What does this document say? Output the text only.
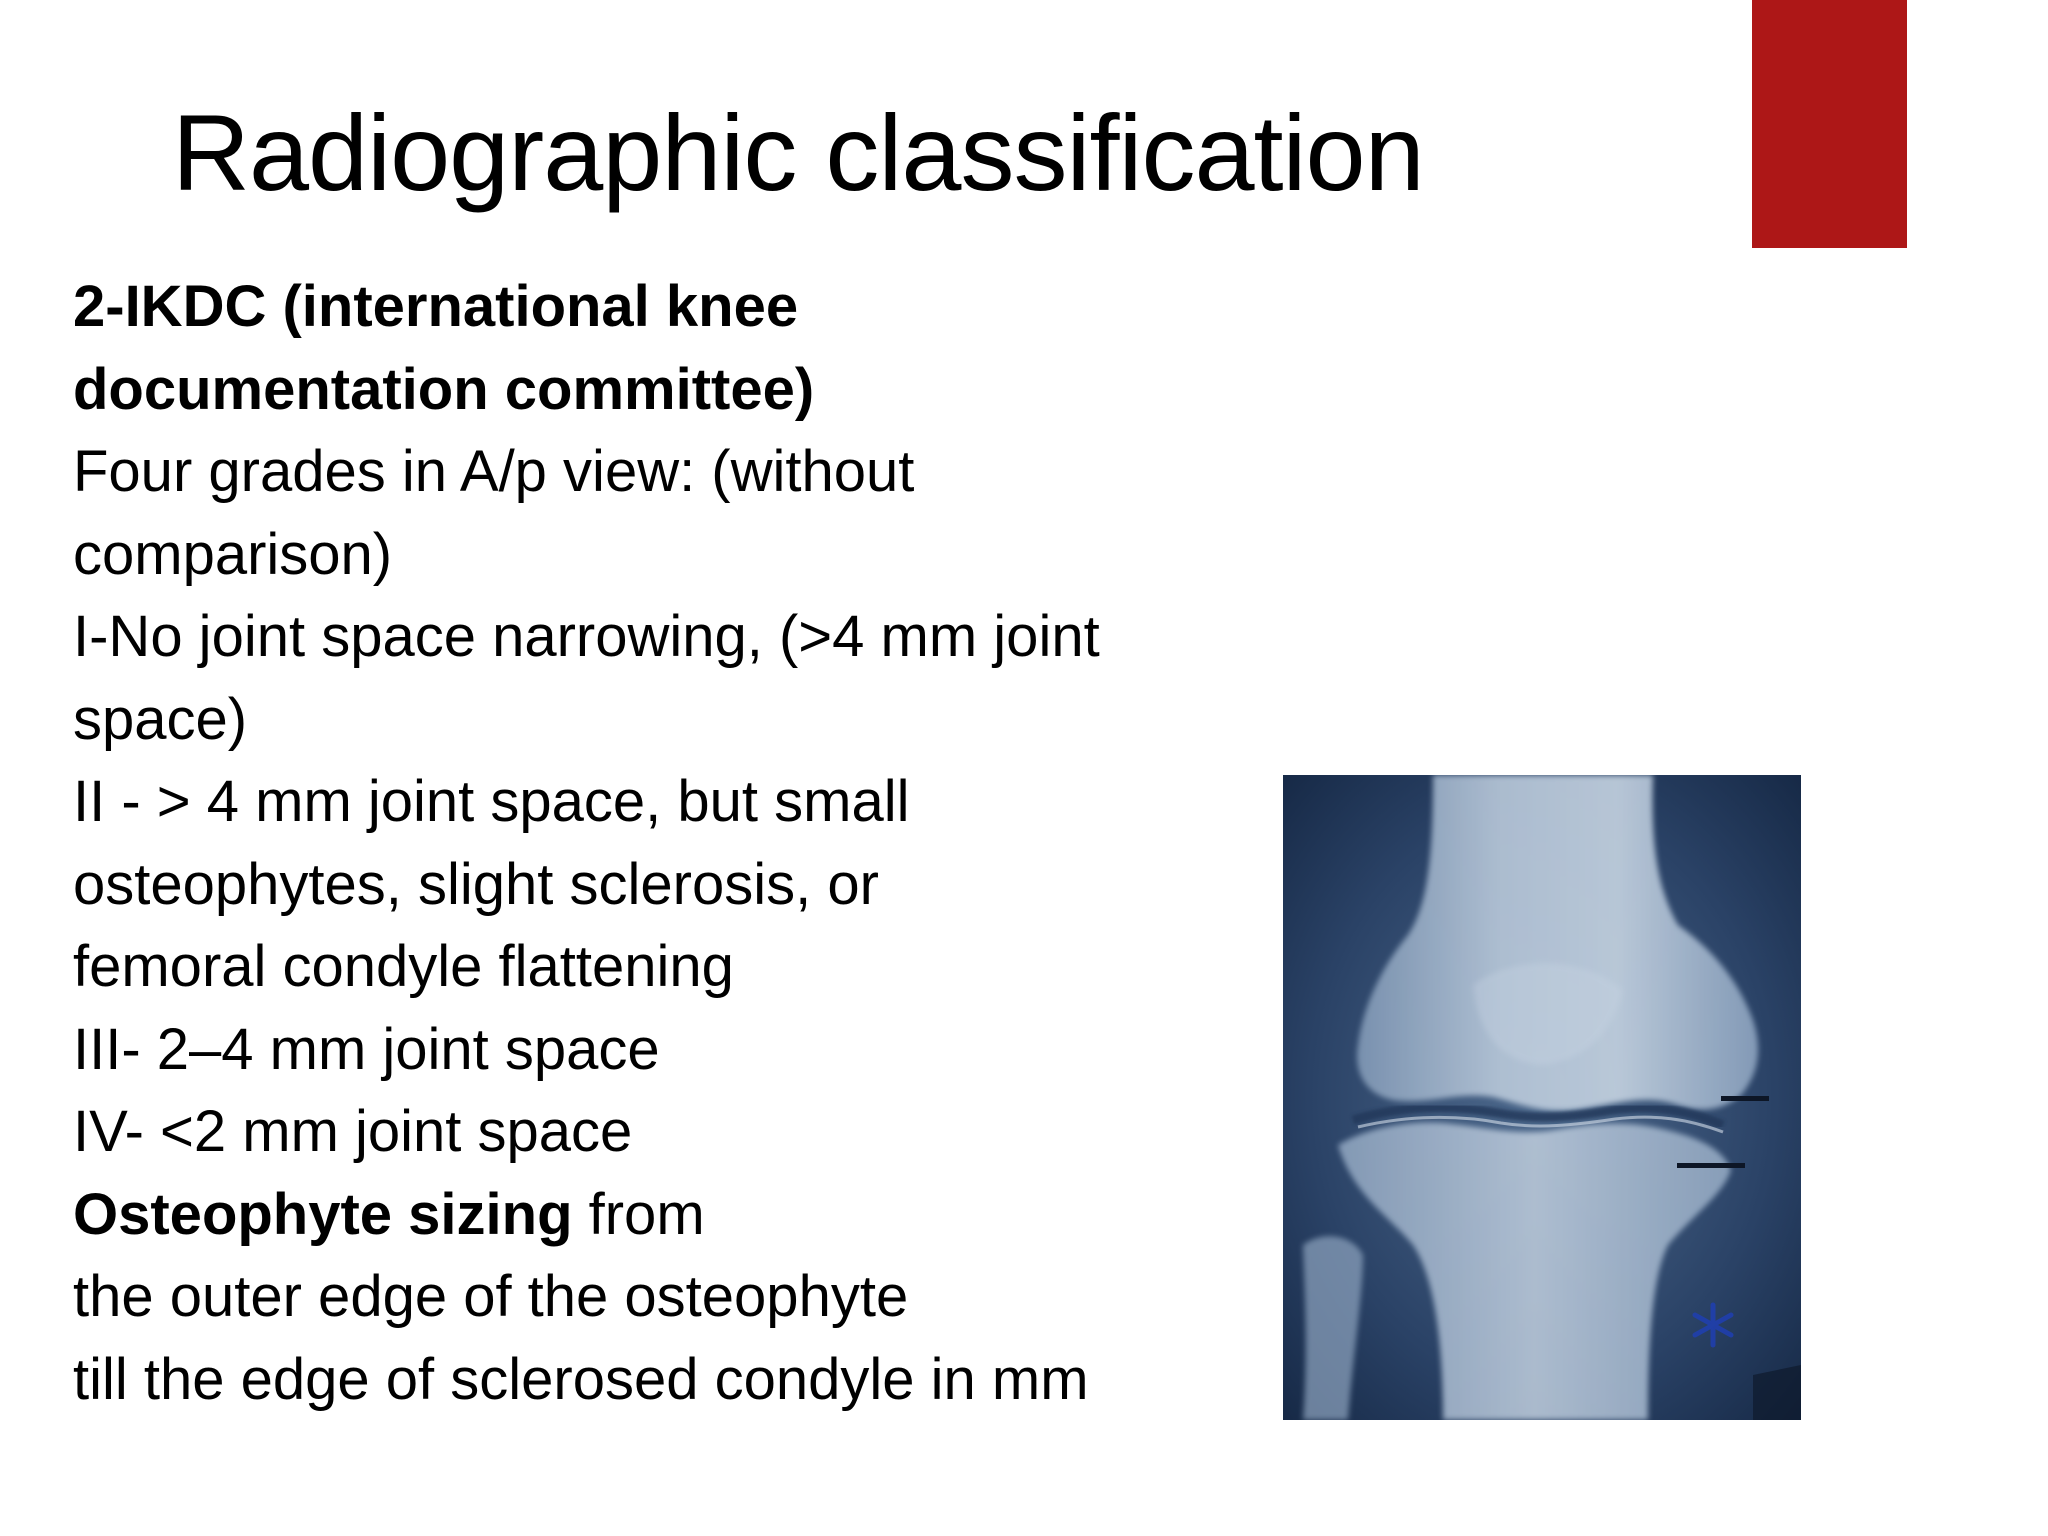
Radiographic classification
2-IKDC (international knee
documentation committee)
Four grades in A/p view: (without
comparison)
I-No joint space narrowing, (>4 mm joint
space)
II - > 4 mm joint space, but small
osteophytes, slight sclerosis, or
femoral condyle flattening
III- 2–4 mm joint space
IV- <2 mm joint space
Osteophyte sizing from
the outer edge of the osteophyte
till the edge of sclerosed condyle in mm
